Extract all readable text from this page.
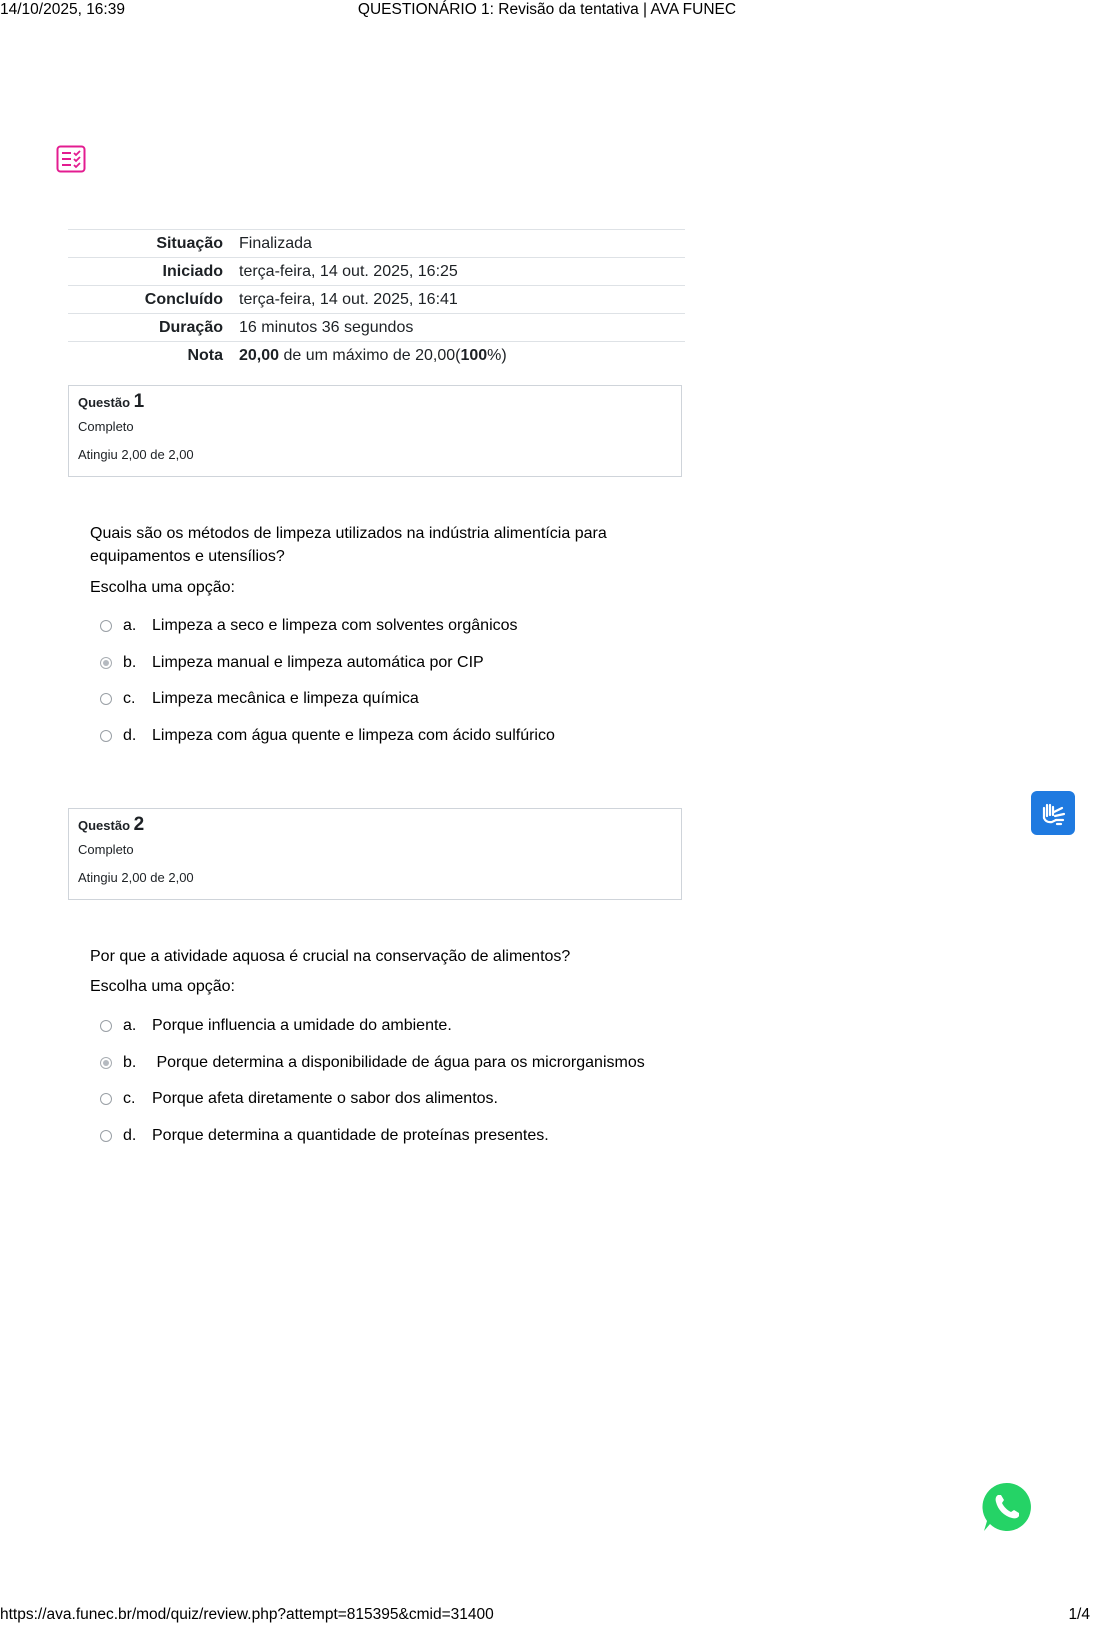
14/10/2025, 16:39	QUESTIONÁRIO 1: Revisão da tentativa | AVA FUNEC
Situação	Finalizada
Iniciado	terça-feira, 14 out. 2025, 16:25
Concluído	terça-feira, 14 out. 2025, 16:41
Duração	16 minutos 36 segundos
Nota	20,00 de um máximo de 20,00(100%)
Questão 1
Completo
Atingiu 2,00 de 2,00
Quais são os métodos de limpeza utilizados na indústria alimentícia para equipamentos e utensílios?
Escolha uma opção:
a. Limpeza a seco e limpeza com solventes orgânicos
b. Limpeza manual e limpeza automática por CIP
c.	Limpeza mecânica e limpeza química
d. Limpeza com água quente e limpeza com ácido sulfúrico
Questão 2
Completo
Atingiu 2,00 de 2,00
Por que a atividade aquosa é crucial na conservação de alimentos?
Escolha uma opção:
a. Porque influencia a umidade do ambiente.
b. Porque determina a disponibilidade de água para os microrganismos
c.	Porque afeta diretamente o sabor dos alimentos.
d. Porque determina a quantidade de proteínas presentes.
https://ava.funec.br/mod/quiz/review.php?attempt=815395&cmid=31400	1/4
